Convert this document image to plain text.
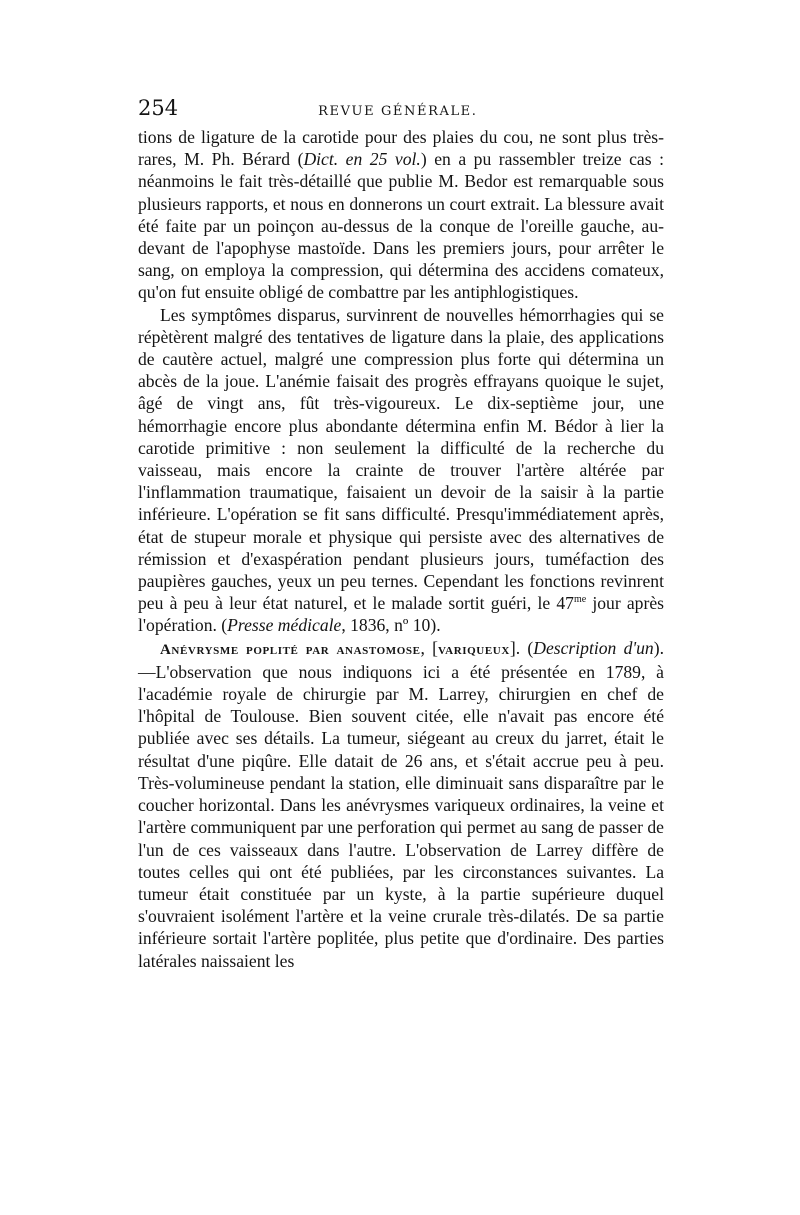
254	REVUE GÉNÉRALE.

tions de ligature de la carotide pour des plaies du cou, ne sont plus très-rares, M. Ph. Bérard (Dict. en 25 vol.) en a pu rassembler treize cas : néanmoins le fait très-détaillé que publie M. Bedor est remarquable sous plusieurs rapports, et nous en donnerons un court extrait. La blessure avait été faite par un poinçon au-dessus de la conque de l'oreille gauche, au-devant de l'apophyse mastoïde. Dans les premiers jours, pour arrêter le sang, on employa la compression, qui détermina des accidens comateux, qu'on fut ensuite obligé de combattre par les antiphlogistiques.

Les symptômes disparus, survinrent de nouvelles hémorrhagies qui se répètèrent malgré des tentatives de ligature dans la plaie, des applications de cautère actuel, malgré une compression plus forte qui détermina un abcès de la joue. L'anémie faisait des progrès effrayans quoique le sujet, âgé de vingt ans, fût très-vigoureux. Le dix-septième jour, une hémorrhagie encore plus abondante détermina enfin M. Bédor à lier la carotide primitive : non seulement la difficulté de la recherche du vaisseau, mais encore la crainte de trouver l'artère altérée par l'inflammation traumatique, faisaient un devoir de la saisir à la partie inférieure. L'opération se fit sans difficulté. Presqu'immédiatement après, état de stupeur morale et physique qui persiste avec des alternatives de rémission et d'exaspération pendant plusieurs jours, tuméfaction des paupières gauches, yeux un peu ternes. Cependant les fonctions revinrent peu à peu à leur état naturel, et le malade sortit guéri, le $47^{me}$ jour après l'opération. (Presse médicale, 1836, nº 10).

Anévrysme poplité par anastomose, [variqueux]. (Description d'un).—L'observation que nous indiquons ici a été présentée en 1789, à l'académie royale de chirurgie par M. Larrey, chirurgien en chef de l'hôpital de Toulouse. Bien souvent citée, elle n'avait pas encore été publiée avec ses détails. La tumeur, siégeant au creux du jarret, était le résultat d'une piqûre. Elle datait de 26 ans, et s'était accrue peu à peu. Très-volumineuse pendant la station, elle diminuait sans disparaître par le coucher horizontal. Dans les anévrysmes variqueux ordinaires, la veine et l'artère communiquent par une perforation qui permet au sang de passer de l'un de ces vaisseaux dans l'autre. L'observation de Larrey diffère de toutes celles qui ont été publiées, par les circonstances suivantes. La tumeur était constituée par un kyste, à la partie supérieure duquel s'ouvraient isolément l'artère et la veine crurale très-dilatés. De sa partie inférieure sortait l'artère poplitée, plus petite que d'ordinaire. Des parties latérales naissaient les
